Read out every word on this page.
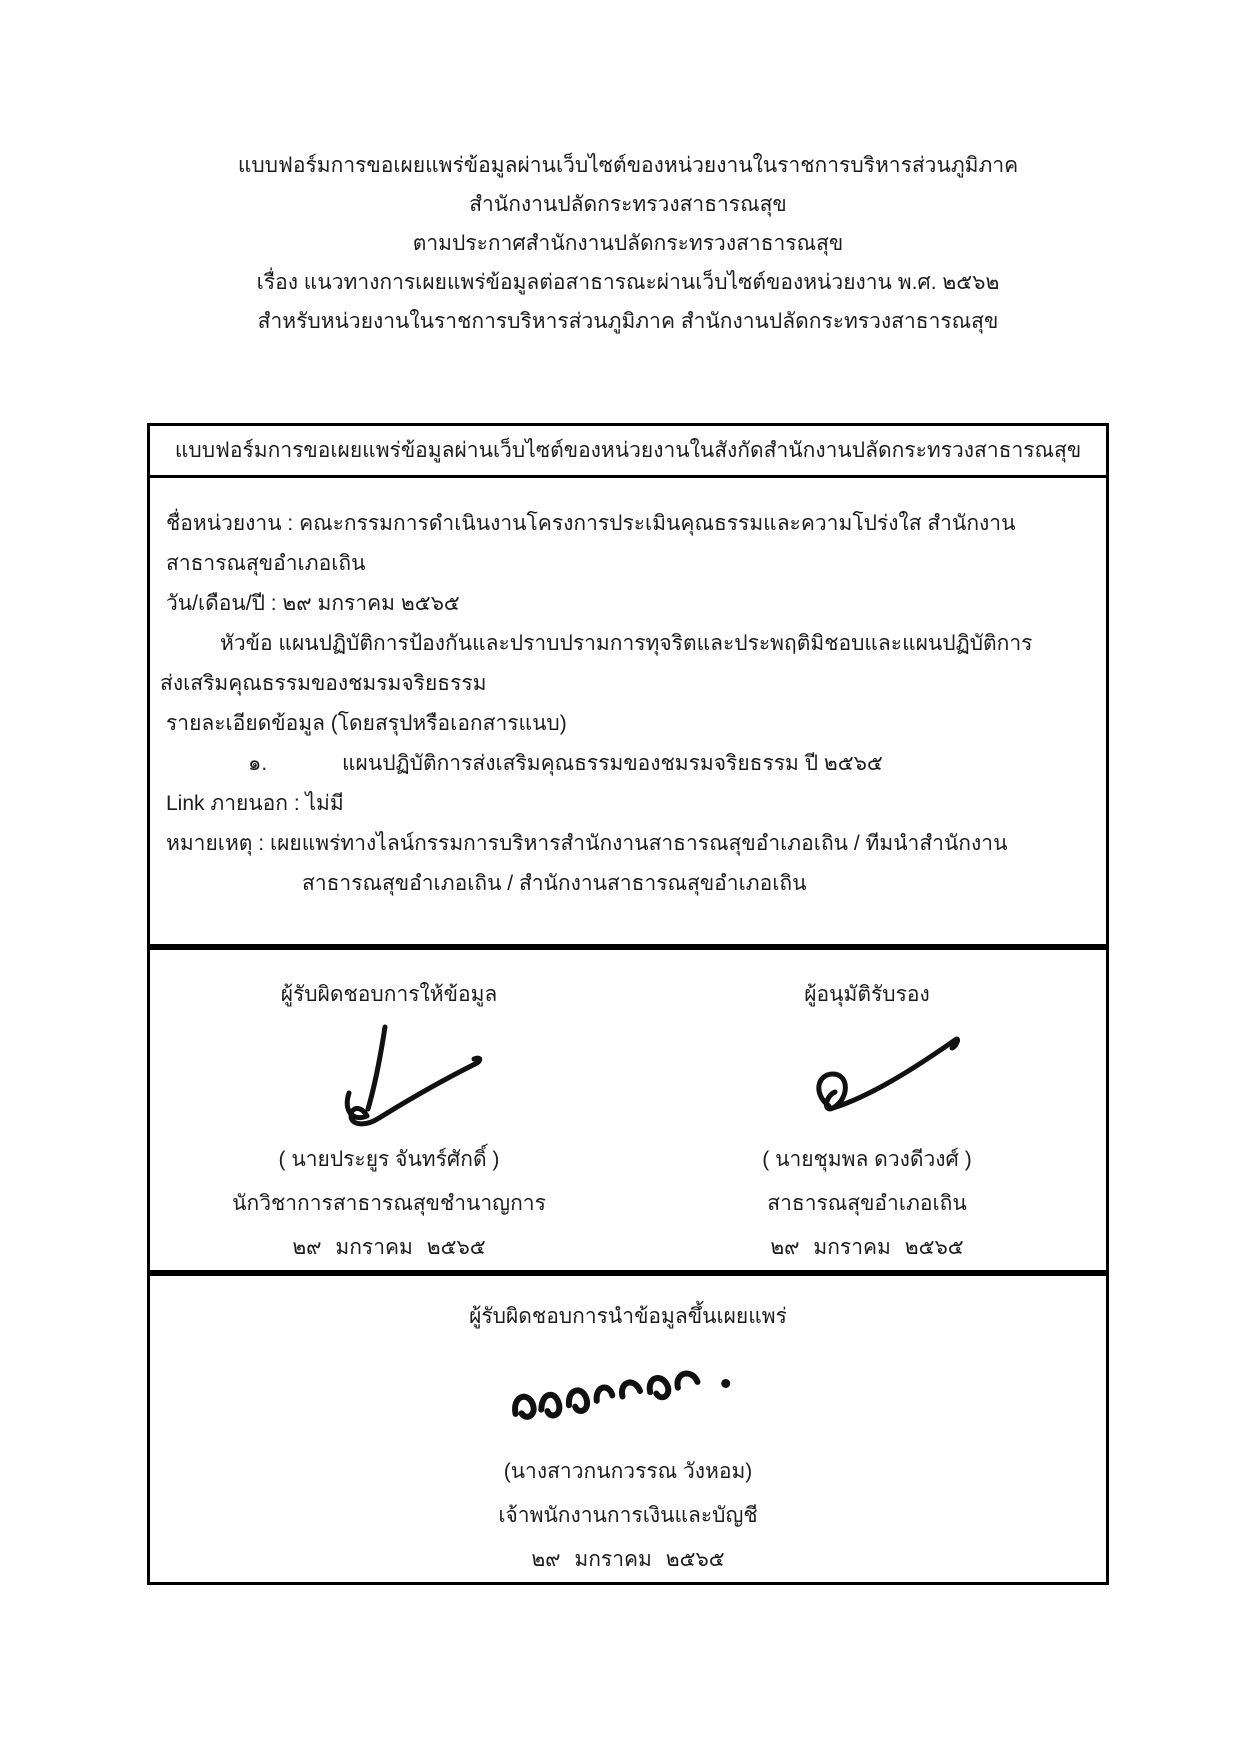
แบบฟอร์มการขอเผยแพร่ข้อมูลผ่านเว็บไซต์ของหน่วยงานในราชการบริหารส่วนภูมิภาค
สำนักงานปลัดกระทรวงสาธารณสุข
ตามประกาศสำนักงานปลัดกระทรวงสาธารณสุข
เรื่อง แนวทางการเผยแพร่ข้อมูลต่อสาธารณะผ่านเว็บไซต์ของหน่วยงาน พ.ศ. ๒๕๖๒
สำหรับหน่วยงานในราชการบริหารส่วนภูมิภาค สำนักงานปลัดกระทรวงสาธารณสุข
แบบฟอร์มการขอเผยแพร่ข้อมูลผ่านเว็บไซต์ของหน่วยงานในสังกัดสำนักงานปลัดกระทรวงสาธารณสุข
ชื่อหน่วยงาน : คณะกรรมการดำเนินงานโครงการประเมินคุณธรรมและความโปร่งใส สำนักงาน
สาธารณสุขอำเภอเถิน
วัน/เดือน/ปี : ๒๙ มกราคม ๒๕๖๕
หัวข้อ แผนปฏิบัติการป้องกันและปราบปรามการทุจริตและประพฤติมิชอบและแผนปฏิบัติการ
ส่งเสริมคุณธรรมของชมรมจริยธรรม
รายละเอียดข้อมูล (โดยสรุปหรือเอกสารแนบ)
๑.	แผนปฏิบัติการส่งเสริมคุณธรรมของชมรมจริยธรรม ปี ๒๕๖๕
Link ภายนอก : ไม่มี
หมายเหตุ : เผยแพร่ทางไลน์กรรมการบริหารสำนักงานสาธารณสุขอำเภอเถิน / ทีมนำสำนักงาน
สาธารณสุขอำเภอเถิน / สำนักงานสาธารณสุขอำเภอเถิน
ผู้รับผิดชอบการให้ข้อมูล
( นายประยูร จันทร์ศักดิ์ )
นักวิชาการสาธารณสุขชำนาญการ
๒๙ มกราคม ๒๕๖๕
ผู้อนุมัติรับรอง
( นายชุมพล ดวงดีวงศ์ )
สาธารณสุขอำเภอเถิน
๒๙ มกราคม ๒๕๖๕
ผู้รับผิดชอบการนำข้อมูลขึ้นเผยแพร่
(นางสาวกนกวรรณ วังหอม)
เจ้าพนักงานการเงินและบัญชี
๒๙ มกราคม ๒๕๖๕
